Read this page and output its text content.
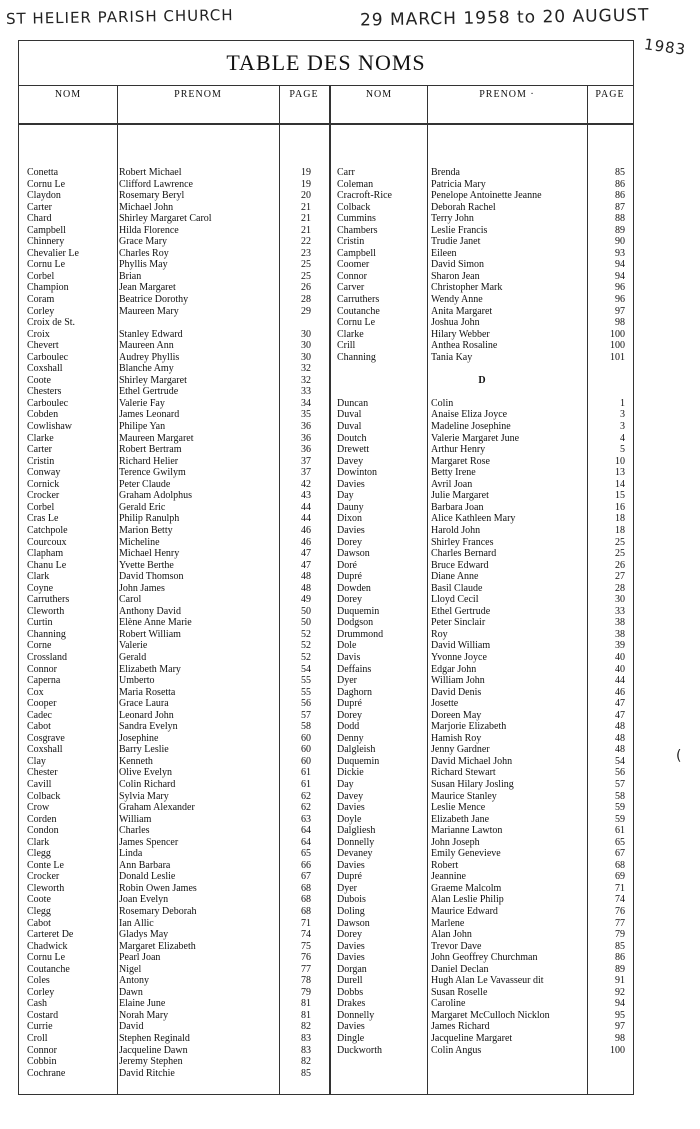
ST HELIER PARISH CHURCH	29 MARCH 1958 to 20 AUGUST
1983
(
TABLE DES NOMS
NOM	PRENOM	PAGE	NOM	PRENOM ·	PAGE
Conetta	Robert Michael	19
Cornu Le	Clifford Lawrence	19
Claydon	Rosemary Beryl	20
Carter	Michael John	21
Chard	Shirley Margaret Carol	21
Campbell	Hilda Florence	21
Chinnery	Grace Mary	22
Chevalier Le	Charles Roy	23
Cornu Le	Phyllis May	25
Corbel	Brian	25
Champion	Jean Margaret	26
Coram	Beatrice Dorothy	28
Corley	Maureen Mary	29
Croix de St.
Croix	Stanley Edward	30
Chevert	Maureen Ann	30
Carboulec	Audrey Phyllis	30
Coxshall	Blanche Amy	32
Coote	Shirley Margaret	32
Chesters	Ethel Gertrude	33
Carboulec	Valerie Fay	34
Cobden	James Leonard	35
Cowlishaw	Philipe Yan	36
Clarke	Maureen Margaret	36
Carter	Robert Bertram	36
Cristin	Richard Helier	37
Conway	Terence Gwilym	37
Cornick	Peter Claude	42
Crocker	Graham Adolphus	43
Corbel	Gerald Eric	44
Cras Le	Philip Ranulph	44
Catchpole	Marion Betty	46
Courcoux	Micheline	46
Clapham	Michael Henry	47
Chanu Le	Yvette Berthe	47
Clark	David Thomson	48
Coyne	John James	48
Carruthers	Carol	49
Cleworth	Anthony David	50
Curtin	Elène Anne Marie	50
Channing	Robert William	52
Corne	Valerie	52
Crossland	Gerald	52
Connor	Elizabeth Mary	54
Caperna	Umberto	55
Cox	Maria Rosetta	55
Cooper	Grace Laura	56
Cadec	Leonard John	57
Cabot	Sandra Evelyn	58
Cosgrave	Josephine	60
Coxshall	Barry Leslie	60
Clay	Kenneth	60
Chester	Olive Evelyn	61
Cavill	Colin Richard	61
Colback	Sylvia Mary	62
Crow	Graham Alexander	62
Corden	William	63
Condon	Charles	64
Clark	James Spencer	64
Clegg	Linda	65
Conte Le	Ann Barbara	66
Crocker	Donald Leslie	67
Cleworth	Robin Owen James	68
Coote	Joan Evelyn	68
Clegg	Rosemary Deborah	68
Cabot	Ian Allic	71
Carteret De	Gladys May	74
Chadwick	Margaret Elizabeth	75
Cornu Le	Pearl Joan	76
Coutanche	Nigel	77
Coles	Antony	78
Corley	Dawn	79
Cash	Elaine June	81
Costard	Norah Mary	81
Currie	David	82
Croll	Stephen Reginald	83
Connor	Jacqueline Dawn	83
Cobbin	Jeremy Stephen	82
Cochrane	David Ritchie	85
Carr	Brenda	85
Coleman	Patricia Mary	86
Cracroft-Rice	Penelope Antoinette Jeanne	86
Colback	Deborah Rachel	87
Cummins	Terry John	88
Chambers	Leslie Francis	89
Cristin	Trudie Janet	90
Campbell	Eileen	93
Coomer	David Simon	94
Connor	Sharon Jean	94
Carver	Christopher Mark	96
Carruthers	Wendy Anne	96
Coutanche	Anita Margaret	97
Cornu Le	Joshua John	98
Clarke	Hilary Webber	100
Crill	Anthea Rosaline	100
Channing	Tania Kay	101
D
Duncan	Colin	1
Duval	Anaise Eliza Joyce	3
Duval	Madeline Josephine	3
Doutch	Valerie Margaret June	4
Drewett	Arthur Henry	5
Davey	Margaret Rose	10
Dowinton	Betty Irene	13
Davies	Avril Joan	14
Day	Julie Margaret	15
Dauny	Barbara Joan	16
Dixon	Alice Kathleen Mary	18
Davies	Harold John	18
Dorey	Shirley Frances	25
Dawson	Charles Bernard	25
Doré	Bruce Edward	26
Dupré	Diane Anne	27
Dowden	Basil Claude	28
Dorey	Lloyd Cecil	30
Duquemin	Ethel Gertrude	33
Dodgson	Peter Sinclair	38
Drummond	Roy	38
Dole	David William	39
Davis	Yvonne Joyce	40
Deffains	Edgar John	40
Dyer	William John	44
Daghorn	David Denis	46
Dupré	Josette	47
Dorey	Doreen May	47
Dodd	Marjorie Elizabeth	48
Denny	Hamish Roy	48
Dalgleish	Jenny Gardner	48
Duquemin	David Michael John	54
Dickie	Richard Stewart	56
Day	Susan Hilary Josling	57
Davey	Maurice Stanley	58
Davies	Leslie Mence	59
Doyle	Elizabeth Jane	59
Dalgliesh	Marianne Lawton	61
Donnelly	John Joseph	65
Devaney	Emily Genevieve	67
Davies	Robert	68
Dupré	Jeannine	69
Dyer	Graeme Malcolm	71
Dubois	Alan Leslie Philip	74
Doling	Maurice Edward	76
Dawson	Marlene	77
Dorey	Alan John	79
Davies	Trevor Dave	85
Davies	John Geoffrey Churchman	86
Dorgan	Daniel Declan	89
Durell	Hugh Alan Le Vavasseur dit	91
Dobbs	Susan Roselle	92
Drakes	Caroline	94
Donnelly	Margaret McCulloch Nicklon	95
Davies	James Richard	97
Dingle	Jacqueline Margaret	98
Duckworth	Colin Angus	100
